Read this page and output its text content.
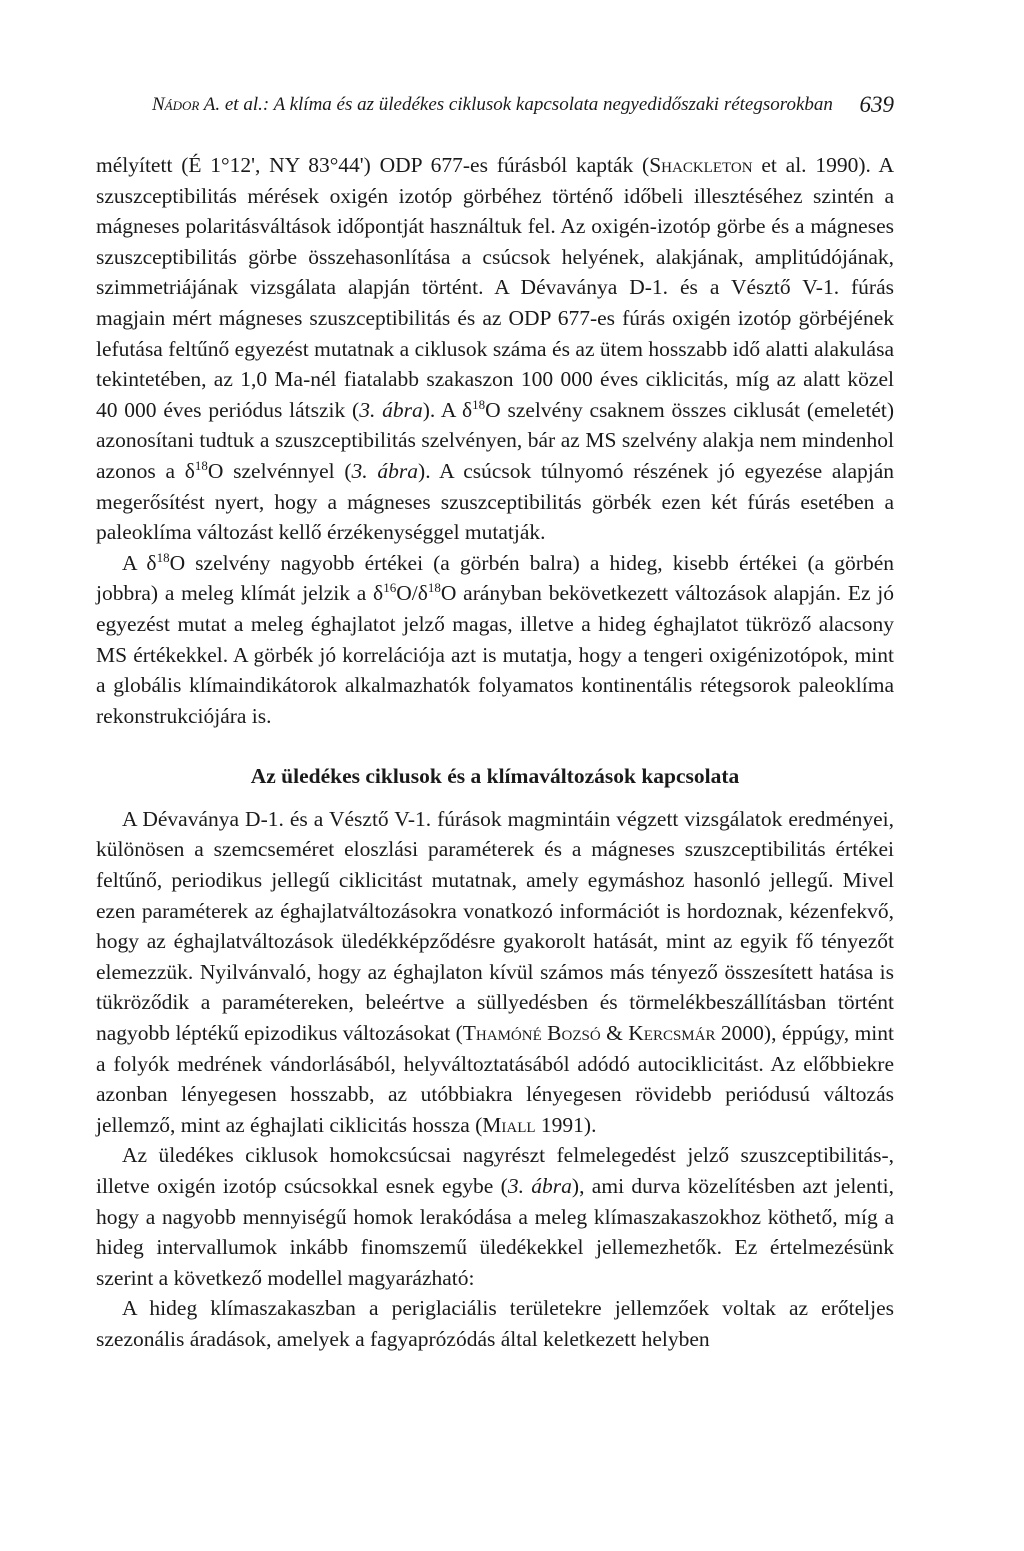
Nádor A. et al.: A klíma és az üledékes ciklusok kapcsolata negyedidőszaki rétegsorokban 639

mélyített (É 1°12', NY 83°44') ODP 677-es fúrásból kapták (Shackleton et al. 1990). A szuszceptibilitás mérések oxigén izotóp görbéhez történő időbeli illesztéséhez szintén a mágneses polaritásváltások időpontját használtuk fel. Az oxigén-izotóp görbe és a mágneses szuszceptibilitás görbe összehasonlítása a csúcsok helyének, alakjának, amplitúdójának, szimmetriájának vizsgálata alapján történt. A Dévaványa D-1. és a Vésztő V-1. fúrás magjain mért mágneses szuszceptibilitás és az ODP 677-es fúrás oxigén izotóp görbéjének lefutása feltűnő egyezést mutatnak a ciklusok száma és az ütem hosszabb idő alatti alakulása tekintetében, az 1,0 Ma-nél fiatalabb szakaszon 100 000 éves ciklicitás, míg az alatt közel 40 000 éves periódus látszik (3. ábra). A $\delta^{18}O$ szelvény csaknem összes ciklusát (emeletét) azonosítani tudtuk a szuszceptibilitás szelvényen, bár az MS szelvény alakja nem mindenhol azonos a $\delta^{18}O$ szelvénnyel (3. ábra). A csúcsok túlnyomó részének jó egyezése alapján megerősítést nyert, hogy a mágneses szuszceptibilitás görbék ezen két fúrás esetében a paleoklíma változást kellő érzékenységgel mutatják.

A $\delta^{18}O$ szelvény nagyobb értékei (a görbén balra) a hideg, kisebb értékei (a görbén jobbra) a meleg klímát jelzik a $\delta^{16}O/\delta^{18}O$ arányban bekövetkezett változások alapján. Ez jó egyezést mutat a meleg éghajlatot jelző magas, illetve a hideg éghajlatot tükröző alacsony MS értékekkel. A görbék jó korrelációja azt is mutatja, hogy a tengeri oxigénizotópok, mint a globális klímaindikátorok alkalmazhatók folyamatos kontinentális rétegsorok paleoklíma rekonstrukciójára is.

Az üledékes ciklusok és a klímaváltozások kapcsolata

A Dévaványa D-1. és a Vésztő V-1. fúrások magmintáin végzett vizsgálatok eredményei, különösen a szemcseméret eloszlási paraméterek és a mágneses szuszceptibilitás értékei feltűnő, periodikus jellegű ciklicitást mutatnak, amely egymáshoz hasonló jellegű. Mivel ezen paraméterek az éghajlatváltozásokra vonatkozó információt is hordoznak, kézenfekvő, hogy az éghajlatváltozások üledékképződésre gyakorolt hatását, mint az egyik fő tényezőt elemezzük. Nyilvánvaló, hogy az éghajlaton kívül számos más tényező összesített hatása is tükröződik a paramétereken, beleértve a süllyedésben és törmelékbeszállításban történt nagyobb léptékű epizodikus változásokat (Thamóné Bozsó & Kercsmár 2000), éppúgy, mint a folyók medrének vándorlásából, helyváltoztatásából adódó autociklicitást. Az előbbiekre azonban lényegesen hosszabb, az utóbbiakra lényegesen rövidebb periódusú változás jellemző, mint az éghajlati ciklicitás hossza (Miall 1991).

Az üledékes ciklusok homokcsúcsai nagyrészt felmelegedést jelző szuszceptibilitás-, illetve oxigén izotóp csúcsokkal esnek egybe (3. ábra), ami durva közelítésben azt jelenti, hogy a nagyobb mennyiségű homok lerakódása a meleg klímaszakaszokhoz köthető, míg a hideg intervallumok inkább finomszemű üledékekkel jellemezhetők. Ez értelmezésünk szerint a következő modellel magyarázható:

A hideg klímaszakaszban a periglaciális területekre jellemzőek voltak az erőteljes szezonális áradások, amelyek a fagyaprózódás által keletkezett helyben
